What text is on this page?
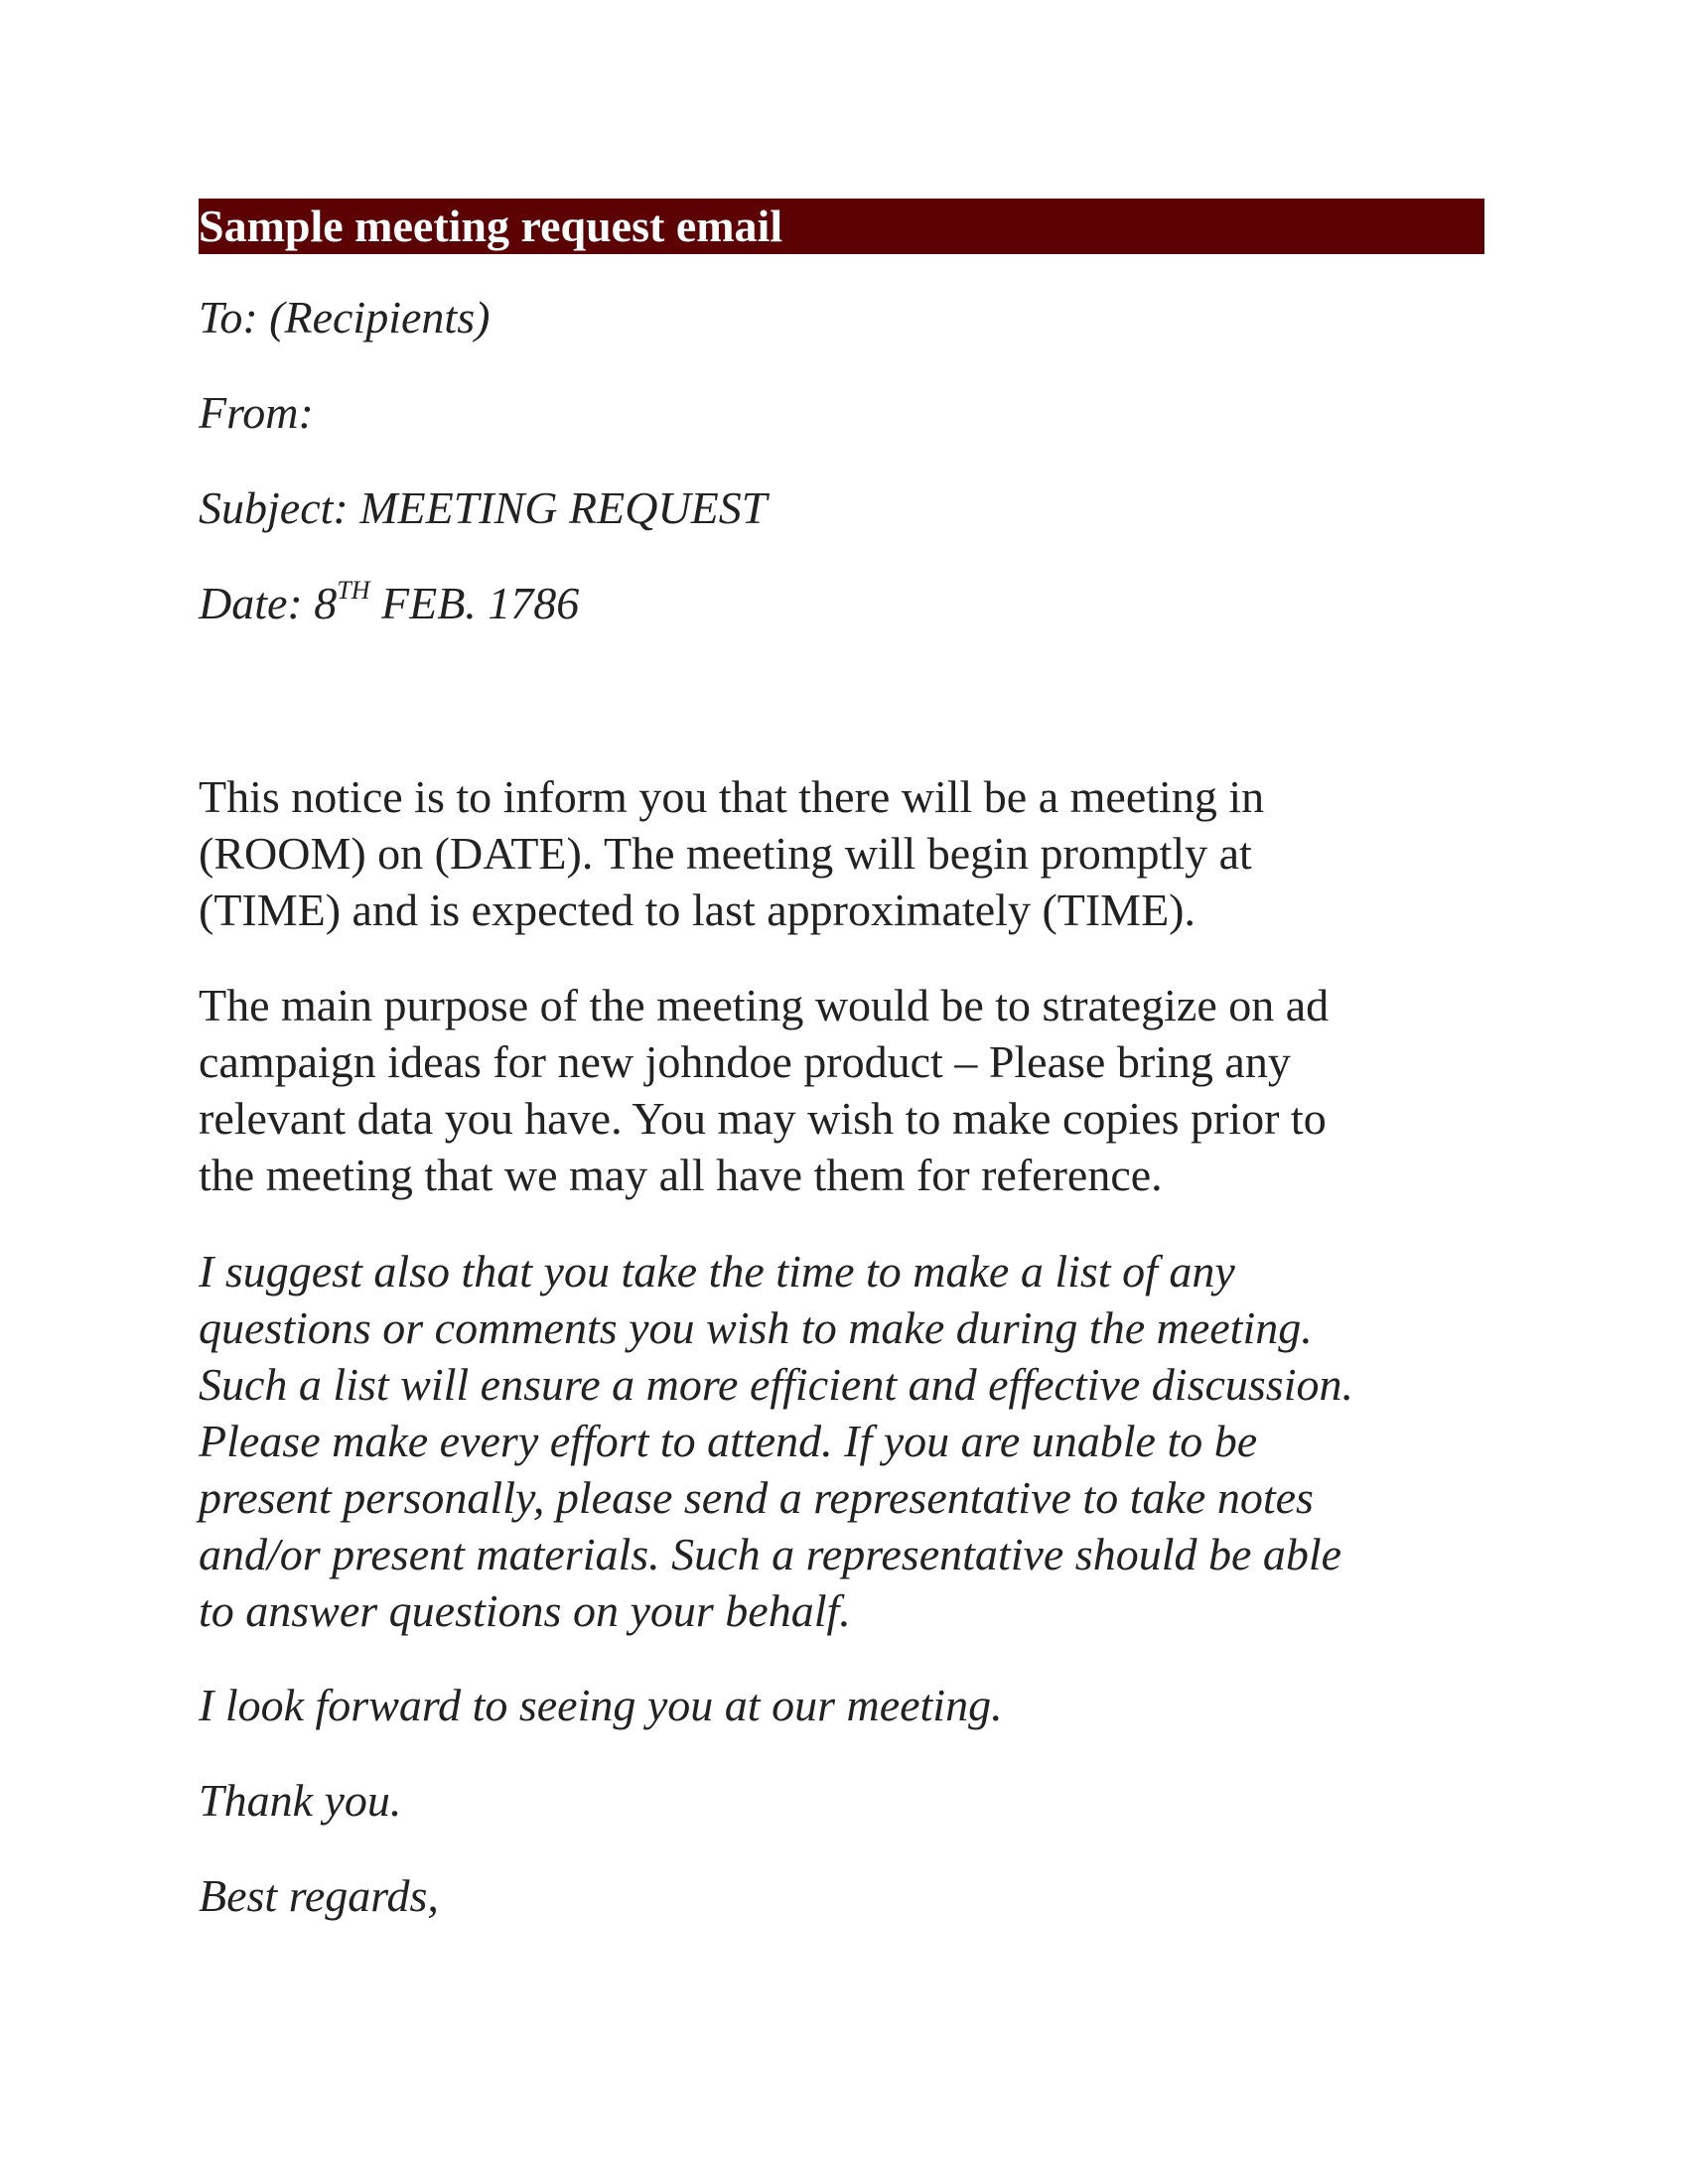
Sample meeting request email
To: (Recipients)
From:
Subject: MEETING REQUEST
Date: 8TH FEB. 1786
This notice is to inform you that there will be a meeting in
(ROOM) on (DATE). The meeting will begin promptly at
(TIME) and is expected to last approximately (TIME).
The main purpose of the meeting would be to strategize on ad
campaign ideas for new johndoe product – Please bring any
relevant data you have. You may wish to make copies prior to
the meeting that we may all have them for reference.
I suggest also that you take the time to make a list of any
questions or comments you wish to make during the meeting.
Such a list will ensure a more efficient and effective discussion.
Please make every effort to attend. If you are unable to be
present personally, please send a representative to take notes
and/or present materials. Such a representative should be able
to answer questions on your behalf.
I look forward to seeing you at our meeting.
Thank you.
Best regards,
